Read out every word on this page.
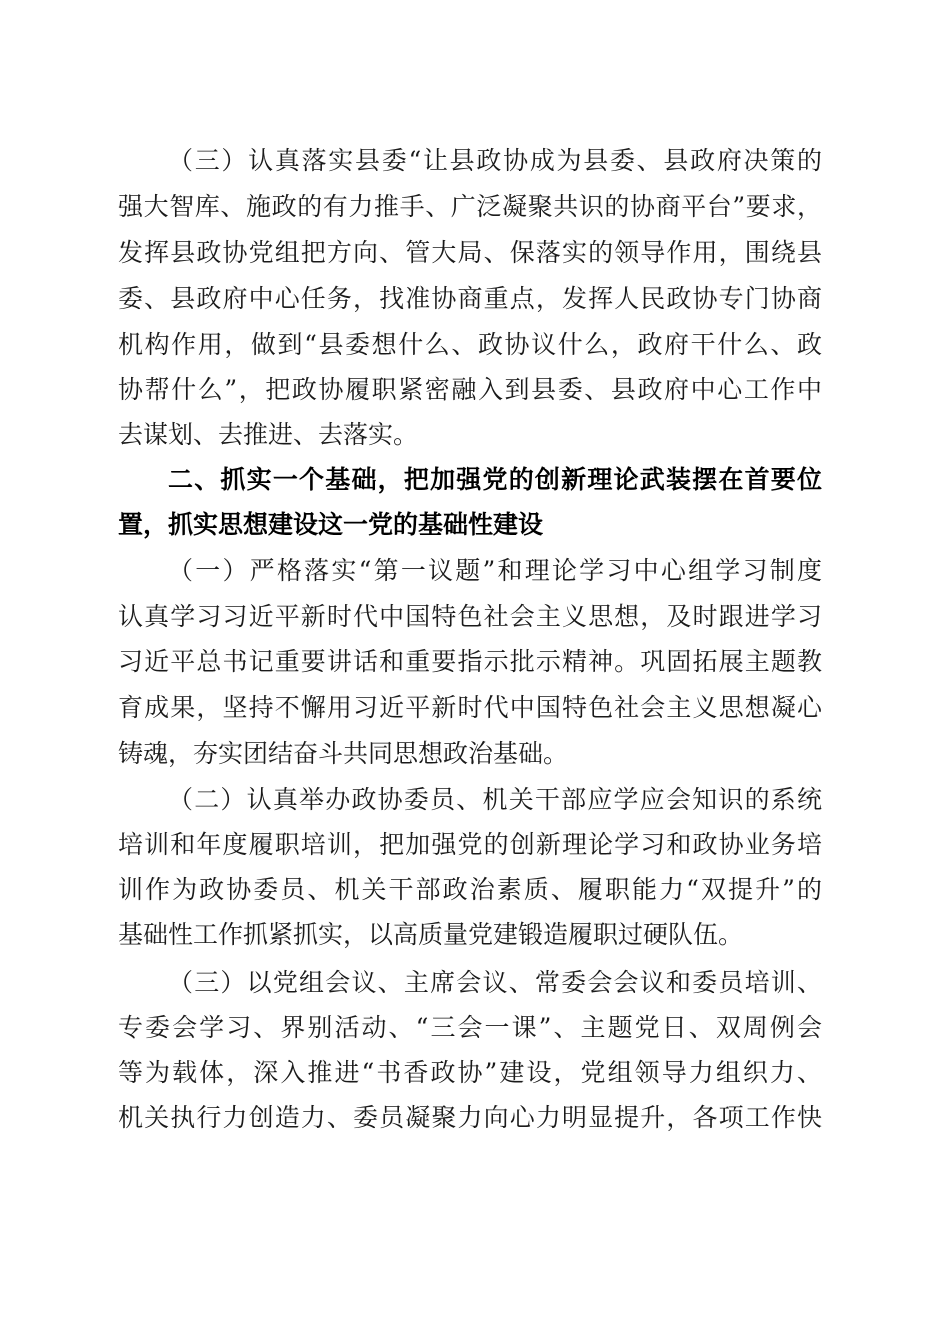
（三）认真落实县委“让县政协成为县委、县政府决策的
强大智库、施政的有力推手、广泛凝聚共识的协商平台”要求，
发挥县政协党组把方向、管大局、保落实的领导作用，围绕县
委、县政府中心任务，找准协商重点，发挥人民政协专门协商
机构作用，做到“县委想什么、政协议什么，政府干什么、政
协帮什么”，把政协履职紧密融入到县委、县政府中心工作中
去谋划、去推进、去落实。
二、抓实一个基础，把加强党的创新理论武装摆在首要位
置，抓实思想建设这一党的基础性建设
（一）严格落实“第一议题”和理论学习中心组学习制度
认真学习习近平新时代中国特色社会主义思想，及时跟进学习
习近平总书记重要讲话和重要指示批示精神。巩固拓展主题教
育成果，坚持不懈用习近平新时代中国特色社会主义思想凝心
铸魂，夯实团结奋斗共同思想政治基础。
（二）认真举办政协委员、机关干部应学应会知识的系统
培训和年度履职培训，把加强党的创新理论学习和政协业务培
训作为政协委员、机关干部政治素质、履职能力“双提升”的
基础性工作抓紧抓实，以高质量党建锻造履职过硬队伍。
（三）以党组会议、主席会议、常委会会议和委员培训、
专委会学习、界别活动、“三会一课”、主题党日、双周例会
等为载体，深入推进“书香政协”建设，党组领导力组织力、
机关执行力创造力、委员凝聚力向心力明显提升，各项工作快
